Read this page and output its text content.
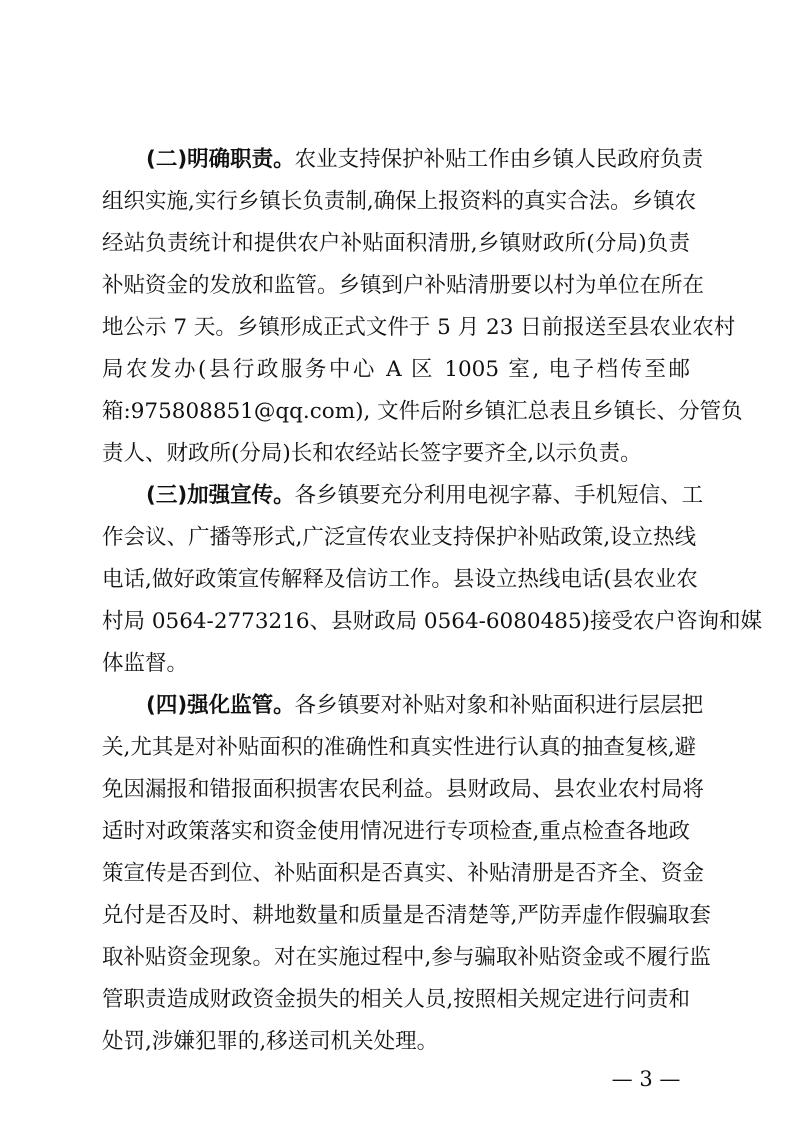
(二)明确职责。农业支持保护补贴工作由乡镇人民政府负责
组织实施,实行乡镇长负责制,确保上报资料的真实合法。乡镇农
经站负责统计和提供农户补贴面积清册,乡镇财政所(分局)负责
补贴资金的发放和监管。乡镇到户补贴清册要以村为单位在所在
地公示 7 天。乡镇形成正式文件于 5 月 23 日前报送至县农业农村
局农发办(县行政服务中心 A 区 1005 室, 电子档传至邮
箱:975808851@qq.com), 文件后附乡镇汇总表且乡镇长、分管负
责人、财政所(分局)长和农经站长签字要齐全,以示负责。
(三)加强宣传。各乡镇要充分利用电视字幕、手机短信、工
作会议、广播等形式,广泛宣传农业支持保护补贴政策,设立热线
电话,做好政策宣传解释及信访工作。县设立热线电话(县农业农
村局 0564-2773216、县财政局 0564-6080485)接受农户咨询和媒
体监督。
(四)强化监管。各乡镇要对补贴对象和补贴面积进行层层把
关,尤其是对补贴面积的准确性和真实性进行认真的抽查复核,避
免因漏报和错报面积损害农民利益。县财政局、县农业农村局将
适时对政策落实和资金使用情况进行专项检查,重点检查各地政
策宣传是否到位、补贴面积是否真实、补贴清册是否齐全、资金
兑付是否及时、耕地数量和质量是否清楚等,严防弄虚作假骗取套
取补贴资金现象。对在实施过程中,参与骗取补贴资金或不履行监
管职责造成财政资金损失的相关人员,按照相关规定进行问责和
处罚,涉嫌犯罪的,移送司机关处理。
— 3 —
